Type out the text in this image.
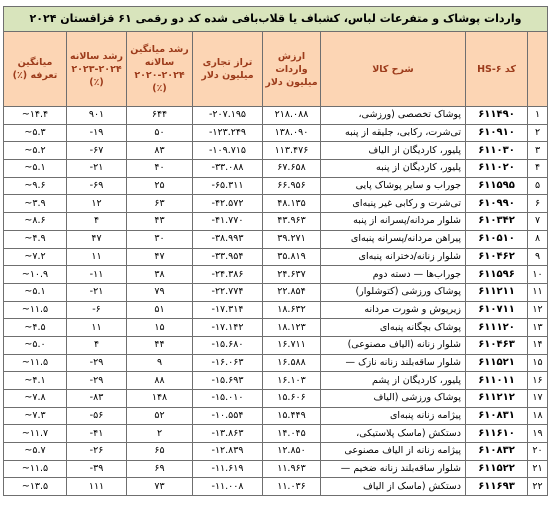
واردات پوشاک و متفرعات لباس، کشباف یا قلاب‌بافی شده کد دو رقمی ۶۱ قزاقستان ۲۰۲۴							
	کد HS-۶	شرح کالا	ارزش واردات میلیون دلار	تراز تجاری میلیون دلار	رشد میانگین سالانه ۲۰۲۴-۲۰۲۰ (٪)	رشد سالانه ۲۰۲۴-۲۰۲۳ (٪)	میانگین تعرفه (٪)
۱	۶۱۱۴۹۰	پوشاک تخصصی (ورزشی،	۲۱۸.۰۸۸	۲۰۷.۱۹۵-	۶۴۴	۹۰۱	۱۴.۴~
۲	۶۱۰۹۱۰	تی‌شرت، رکابی، جلیقه از پنبه	۱۳۸.۰۹۰	۱۲۳.۲۴۹-	۵۰	۱۹-	۵.۳~
۳	۶۱۱۰۳۰	پلیور، کاردیگان از الیاف	۱۱۳.۴۷۶	۱۰۹.۷۱۵-	۸۳	۶۷-	۵.۲~
۴	۶۱۱۰۲۰	پلیور، کاردیگان از پنبه	۶۷.۶۵۸	۳۳.۰۸۸-	۴۰	۲۱-	۵.۱~
۵	۶۱۱۵۹۵	جوراب و سایر پوشاک پایی	۶۶.۹۵۶	۶۵.۳۱۱-	۲۵	۶۹-	۹.۶~
۶	۶۱۰۹۹۰	تی‌شرت و رکابی غیر پنبه‌ای	۴۸.۱۳۵	۴۲.۵۷۲-	۶۳	۱۲	۳.۹~
۷	۶۱۰۳۴۲	شلوار مردانه/پسرانه از پنبه	۴۳.۹۶۳	۴۱.۷۷۰-	۴۳	۴	۸.۶~
۸	۶۱۰۵۱۰	پیراهن مردانه/پسرانه پنبه‌ای	۳۹.۲۷۱	۳۸.۹۹۳-	۳۰	۴۷	۴.۹~
۹	۶۱۰۴۶۲	شلوار زنانه/دخترانه پنبه‌ای	۳۵.۸۱۹	۳۳.۹۵۴-	۴۷	۱۱	۷.۲~
۱۰	۶۱۱۵۹۶	جوراب‌ها — دسته دوم	۲۴.۶۳۷	۲۴.۳۸۶-	۳۸	۱۱-	۱۰.۹~
۱۱	۶۱۱۲۱۱	پوشاک ورزشی (کتوشلوار)	۲۲.۸۵۴	۲۲.۷۷۴-	۷۹	۲۱-	۵.۱~
۱۲	۶۱۰۷۱۱	زیرپوش و شورت مردانه	۱۸.۶۳۲	۱۷.۳۱۴-	۵۱	۶-	۱۱.۵~
۱۳	۶۱۱۱۲۰	پوشاک بچگانه پنبه‌ای	۱۸.۱۲۳	۱۷.۱۴۲-	۱۵	۱۱	۴.۵~
۱۴	۶۱۰۴۶۳	شلوار زنانه (الیاف مصنوعی)	۱۶.۷۱۱	۱۵.۶۸۰-	۴۴	۴	۵.۰~
۱۵	۶۱۱۵۲۱	شلوار ساقه‌بلند زنانه نازک —	۱۶.۵۸۸	۱۶.۰۶۳-	۹	۲۹-	۱۱.۵~
۱۶	۶۱۱۰۱۱	پلیور، کاردیگان از پشم	۱۶.۱۰۳	۱۵.۶۹۳-	۸۸	۲۹-	۴.۱~
۱۷	۶۱۱۲۱۲	پوشاک ورزشی (الیاف	۱۵.۶۰۶	۱۵.۰۱۰-	۱۴۸	۸۳-	۷.۸~
۱۸	۶۱۰۸۳۱	پیژامه زنانه پنبه‌ای	۱۵.۴۴۹	۱۰.۵۵۴-	۵۲	۵۶-	۷.۳~
۱۹	۶۱۱۶۱۰	دستکش (ماسک پلاستیکی،	۱۴.۰۴۵	۱۳.۸۶۳-	۲	۴۱-	۱۱.۷~
۲۰	۶۱۰۸۳۲	پیژامه زنانه از الیاف مصنوعی	۱۲.۸۵۰	۱۲.۸۳۹-	۶۵	۲۶-	۵.۷~
۲۱	۶۱۱۵۲۲	شلوار ساقه‌بلند زنانه ضخیم —	۱۱.۹۶۳	۱۱.۶۱۹-	۶۹	۳۹-	۱۱.۵~
۲۲	۶۱۱۶۹۳	دستکش (ماسک از الیاف	۱۱.۰۳۶	۱۱.۰۰۸-	۷۳	۱۱۱	۱۳.۵~
